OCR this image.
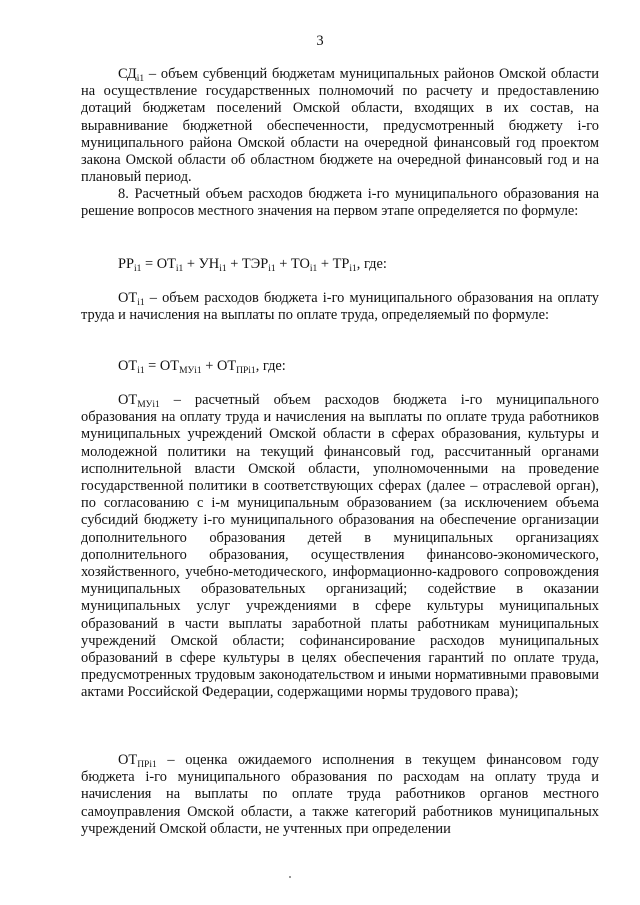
3

$СД_{i1}$ – объем субвенций бюджетам муниципальных районов Омской области на осуществление государственных полномочий по расчету и предоставлению дотаций бюджетам поселений Омской области, входящих в их состав, на выравнивание бюджетной обеспеченности, предусмотренный бюджету i-го муниципального района Омской области на очередной финансовый год проектом закона Омской области об областном бюджете на очередной финансовый год и на плановый период.

8. Расчетный объем расходов бюджета i-го муниципального образования на решение вопросов местного значения на первом этапе определяется по формуле:

$РР_{i1} = ОТ_{i1} + УН_{i1} + ТЭР_{i1} + ТО_{i1} + ТР_{i1}$, где:

$ОТ_{i1}$ – объем расходов бюджета i-го муниципального образования на оплату труда и начисления на выплаты по оплате труда, определяемый по формуле:

$ОТ_{i1} = ОТ_{МУi1} + ОТ_{ПРi1}$, где:

$ОТ_{МУi1}$ – расчетный объем расходов бюджета i-го муниципального образования на оплату труда и начисления на выплаты по оплате труда работников муниципальных учреждений Омской области в сферах образования, культуры и молодежной политики на текущий финансовый год, рассчитанный органами исполнительной власти Омской области, уполномоченными на проведение государственной политики в соответствующих сферах (далее – отраслевой орган), по согласованию с i-м муниципальным образованием (за исключением объема субсидий бюджету i-го муниципального образования на обеспечение организации дополнительного образования детей в муниципальных организациях дополнительного образования, осуществления финансово-экономического, хозяйственного, учебно-методического, информационно-кадрового сопровождения муниципальных образовательных организаций; содействие в оказании муниципальных услуг учреждениями в сфере культуры муниципальных образований в части выплаты заработной платы работникам муниципальных учреждений Омской области; софинансирование расходов муниципальных образований в сфере культуры в целях обеспечения гарантий по оплате труда, предусмотренных трудовым законодательством и иными нормативными правовыми актами Российской Федерации, содержащими нормы трудового права);

$ОТ_{ПРi1}$ – оценка ожидаемого исполнения в текущем финансовом году бюджета i-го муниципального образования по расходам на оплату труда и начисления на выплаты по оплате труда работников органов местного самоуправления Омской области, а также категорий работников муниципальных учреждений Омской области, не учтенных при определении
